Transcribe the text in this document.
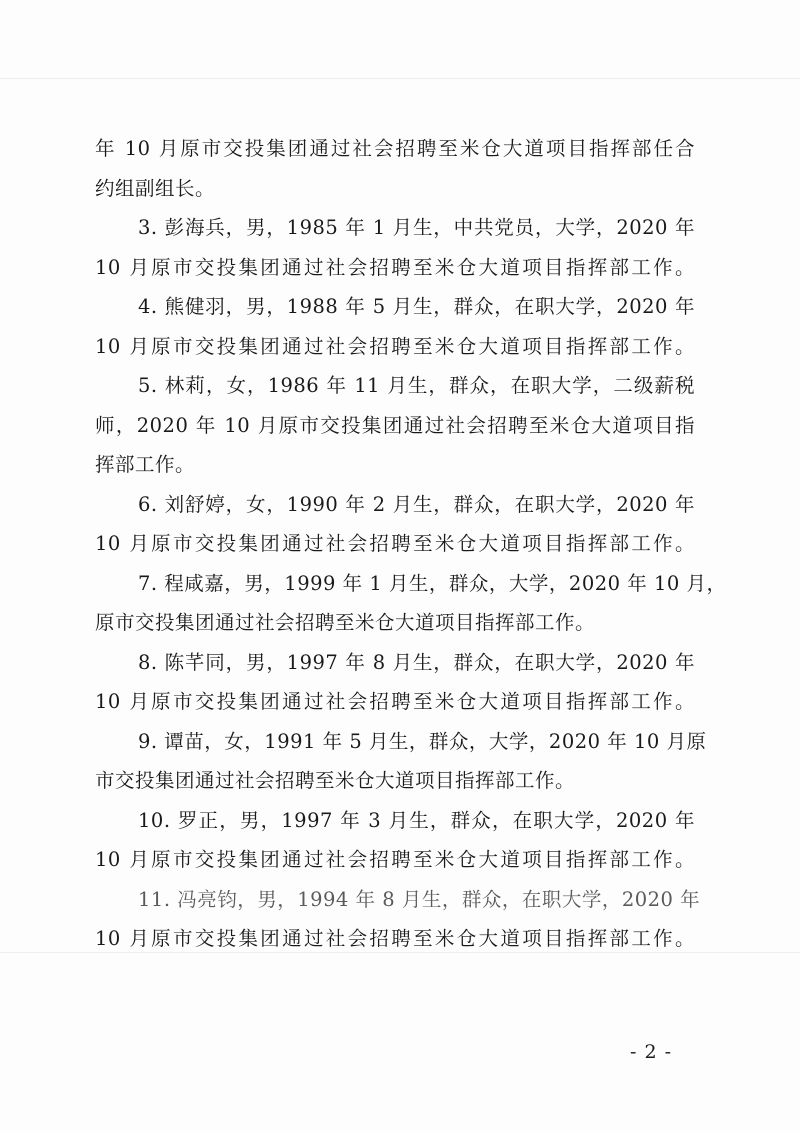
年 10 月原市交投集团通过社会招聘至米仓大道项目指挥部任合
约组副组长。
3. 彭海兵，男，1985 年 1 月生，中共党员，大学，2020 年
10 月原市交投集团通过社会招聘至米仓大道项目指挥部工作。
4. 熊健羽，男，1988 年 5 月生，群众，在职大学，2020 年
10 月原市交投集团通过社会招聘至米仓大道项目指挥部工作。
5. 林莉，女，1986 年 11 月生，群众，在职大学，二级薪税
师，2020 年 10 月原市交投集团通过社会招聘至米仓大道项目指
挥部工作。
6. 刘舒婷，女，1990 年 2 月生，群众，在职大学，2020 年
10 月原市交投集团通过社会招聘至米仓大道项目指挥部工作。
7. 程咸嘉，男，1999 年 1 月生，群众，大学，2020 年 10 月，
原市交投集团通过社会招聘至米仓大道项目指挥部工作。
8. 陈芊同，男，1997 年 8 月生，群众，在职大学，2020 年
10 月原市交投集团通过社会招聘至米仓大道项目指挥部工作。
9. 谭苗，女，1991 年 5 月生，群众，大学，2020 年 10 月原
市交投集团通过社会招聘至米仓大道项目指挥部工作。
10. 罗正，男，1997 年 3 月生，群众，在职大学，2020 年
10 月原市交投集团通过社会招聘至米仓大道项目指挥部工作。
11. 冯亮钧，男，1994 年 8 月生，群众，在职大学，2020 年
10 月原市交投集团通过社会招聘至米仓大道项目指挥部工作。
- 2 -
